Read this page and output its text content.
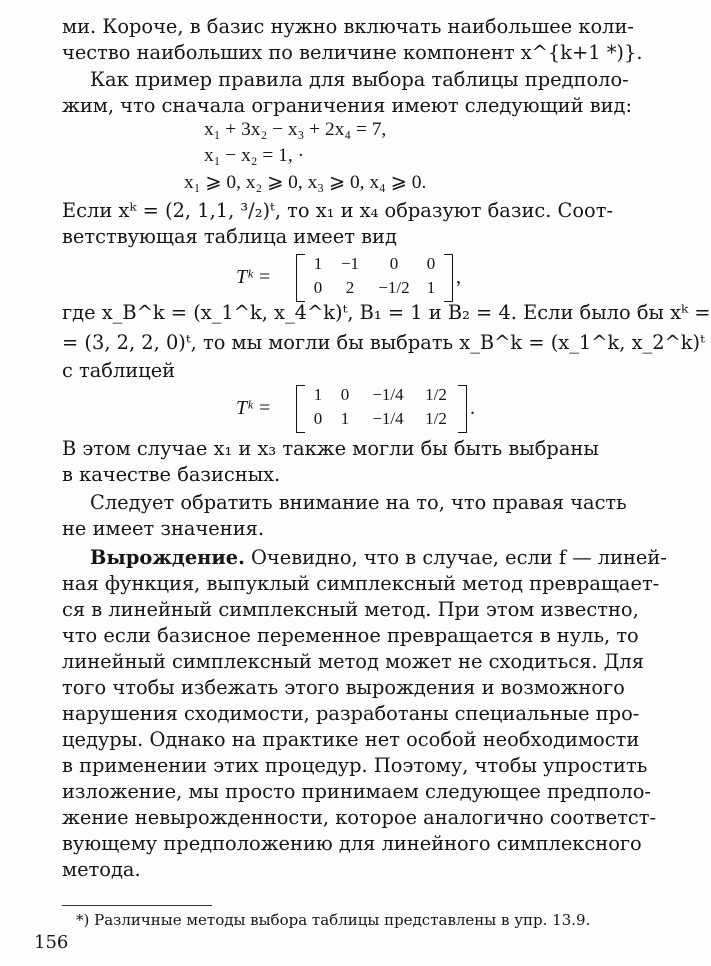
ми. Короче, в базис нужно включать наибольшее коли-
чество наибольших по величине компонент x^{k+1 *)}.
Как пример правила для выбора таблицы предполо-
жим, что сначала ограничения имеют следующий вид:
x₁ + 3x₂ − x₃ + 2x₄ = 7,
x₁ − x₂ = 1, ·
x₁ ⩾ 0, x₂ ⩾ 0, x₃ ⩾ 0, x₄ ⩾ 0.
Если xᵏ = (2, 1,1, ³/₂)ᵗ, то x₁ и x₄ образуют базис. Соот-
ветствующая таблица имеет вид
Tᵏ =
1	−1	0	0
0	2	−1/2	1	,
где x_B^k = (x_1^k, x_4^k)ᵗ, B₁ = 1 и B₂ = 4. Если было бы xᵏ =
= (3, 2, 2, 0)ᵗ, то мы могли бы выбрать x_B^k = (x_1^k, x_2^k)ᵗ
с таблицей
Tᵏ =
1	0	−1/4	1/2
0	1	−1/4	1/2	.
В этом случае x₁ и x₃ также могли бы быть выбраны
в качестве базисных.
Следует обратить внимание на то, что правая часть
не имеет значения.
Вырождение. Очевидно, что в случае, если f — линей-
ная функция, выпуклый симплексный метод превращает-
ся в линейный симплексный метод. При этом известно,
что если базисное переменное превращается в нуль, то
линейный симплексный метод может не сходиться. Для
того чтобы избежать этого вырождения и возможного
нарушения сходимости, разработаны специальные про-
цедуры. Однако на практике нет особой необходимости
в применении этих процедур. Поэтому, чтобы упростить
изложение, мы просто принимаем следующее предполо-
жение невырожденности, которое аналогично соответст-
вующему предположению для линейного симплексного
метода.
*) Различные методы выбора таблицы представлены в упр. 13.9.
156
